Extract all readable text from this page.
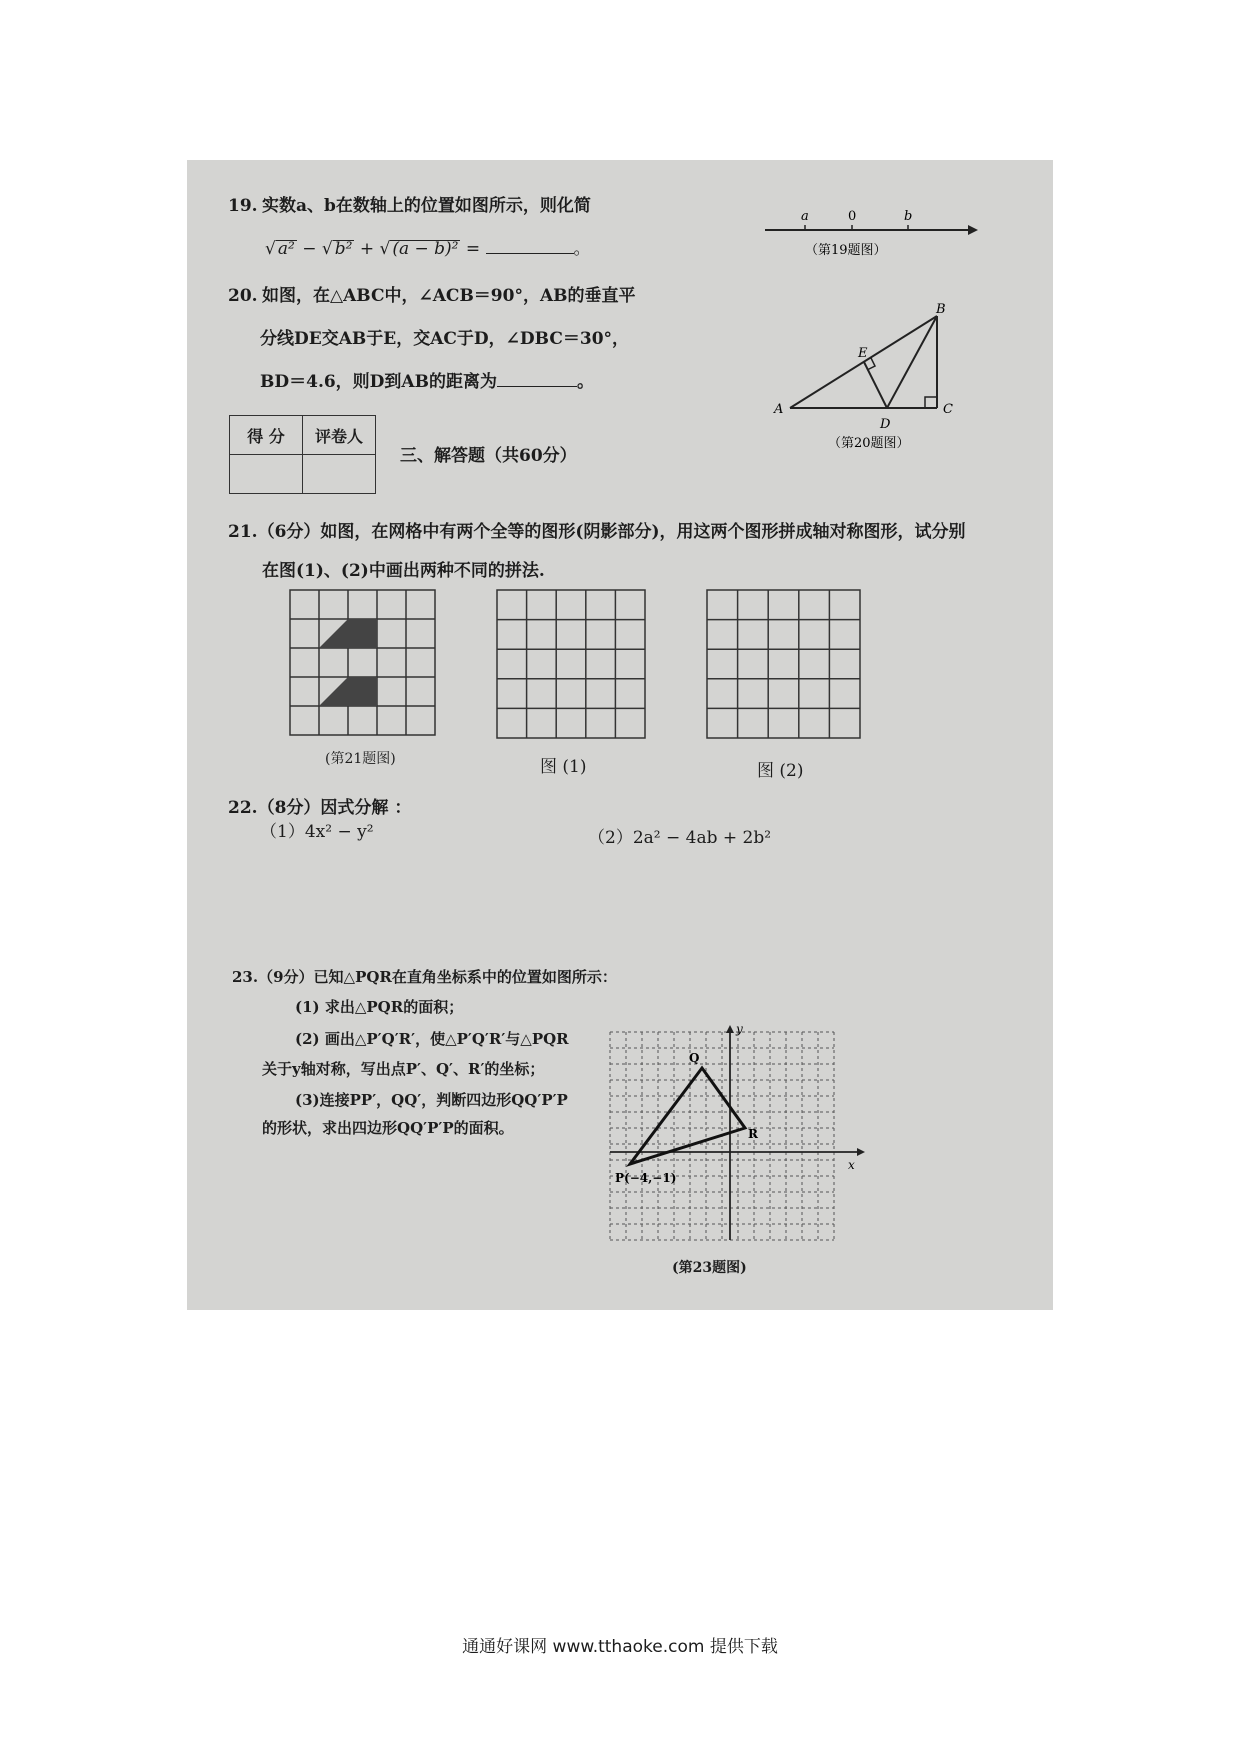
19. 实数a、b在数轴上的位置如图所示，则化简
√ a² − √ b² + √ (a − b)² =	。
a	0	b
（第19题图）
20. 如图，在△ABC中，∠ACB＝90°，AB的垂直平
分线DE交AB于E，交AC于D，∠DBC＝30°，
BD＝4.6，则D到AB的距离为	。
A
B
C
D
E
（第20题图）
得 分	评卷人

三、解答题（共60分）
21.（6分）如图，在网格中有两个全等的图形(阴影部分)，用这两个图形拼成轴对称图形，试分别
在图(1)、(2)中画出两种不同的拼法.
(第21题图)	图 (1)	图 (2)
22.（8分）因式分解 ：
（1）4x² − y²	（2）2a² − 4ab + 2b²
23.（9分）已知△PQR在直角坐标系中的位置如图所示：
(1) 求出△PQR的面积；
(2) 画出△P′Q′R′，使△P′Q′R′与△PQR
关于y轴对称，写出点P′、Q′、R′的坐标；
(3)连接PP′，QQ′，判断四边形QQ′P′P
的形状，求出四边形QQ′P′P的面积。
x
y
P(−4,−1)
Q
R
(第23题图)
通通好课网 www.tthaoke.com 提供下载
